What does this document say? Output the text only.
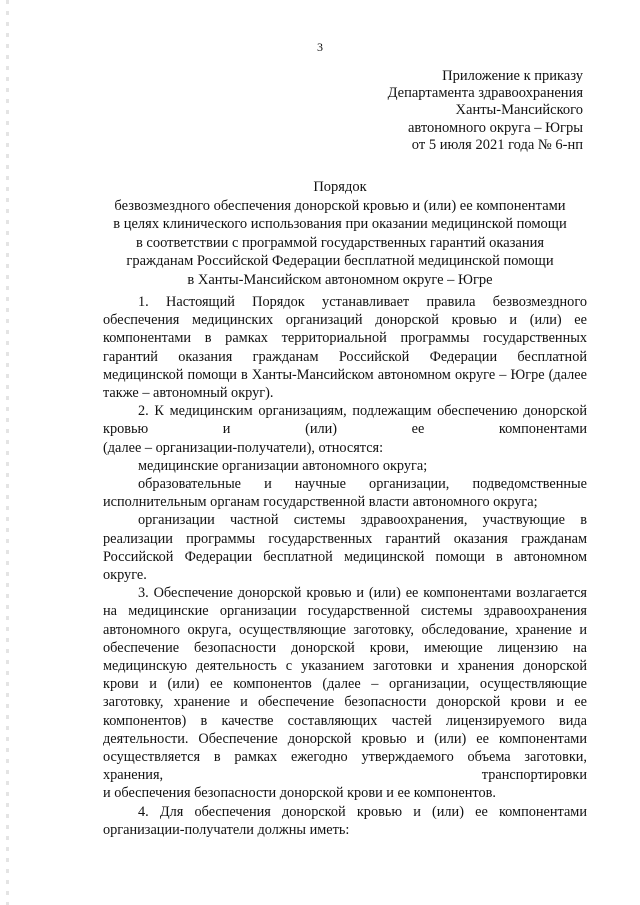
3
Приложение к приказу
Департамента здравоохранения
Ханты-Мансийского
автономного округа – Югры
от 5 июля 2021 года № 6-нп
Порядок
безвозмездного обеспечения донорской кровью и (или) ее компонентами
в целях клинического использования при оказании медицинской помощи
в соответствии с программой государственных гарантий оказания
гражданам Российской Федерации бесплатной медицинской помощи
в Ханты-Мансийском автономном округе – Югре

1. Настоящий Порядок устанавливает правила безвозмездного обеспечения медицинских организаций донорской кровью и (или) ее компонентами в рамках территориальной программы государственных гарантий оказания гражданам Российской Федерации бесплатной медицинской помощи в Ханты-Мансийском автономном округе – Югре (далее также – автономный округ).

2. К медицинским организациям, подлежащим обеспечению донорской кровью и (или) ее компонентами

(далее – организации-получатели), относятся:

медицинские организации автономного округа;

образовательные и научные организации, подведомственные исполнительным органам государственной власти автономного округа;

организации частной системы здравоохранения, участвующие в реализации программы государственных гарантий оказания гражданам Российской Федерации бесплатной медицинской помощи в автономном округе.

3. Обеспечение донорской кровью и (или) ее компонентами возлагается на медицинские организации государственной системы здравоохранения автономного округа, осуществляющие заготовку, обследование, хранение и обеспечение безопасности донорской крови, имеющие лицензию на медицинскую деятельность с указанием заготовки и хранения донорской крови и (или) ее компонентов (далее – организации, осуществляющие заготовку, хранение и обеспечение безопасности донорской крови и ее компонентов) в качестве составляющих частей лицензируемого вида деятельности. Обеспечение донорской кровью и (или) ее компонентами осуществляется в рамках ежегодно утверждаемого объема заготовки, хранения, транспортировки

и обеспечения безопасности донорской крови и ее компонентов.

4. Для обеспечения донорской кровью и (или) ее компонентами организации-получатели должны иметь:
